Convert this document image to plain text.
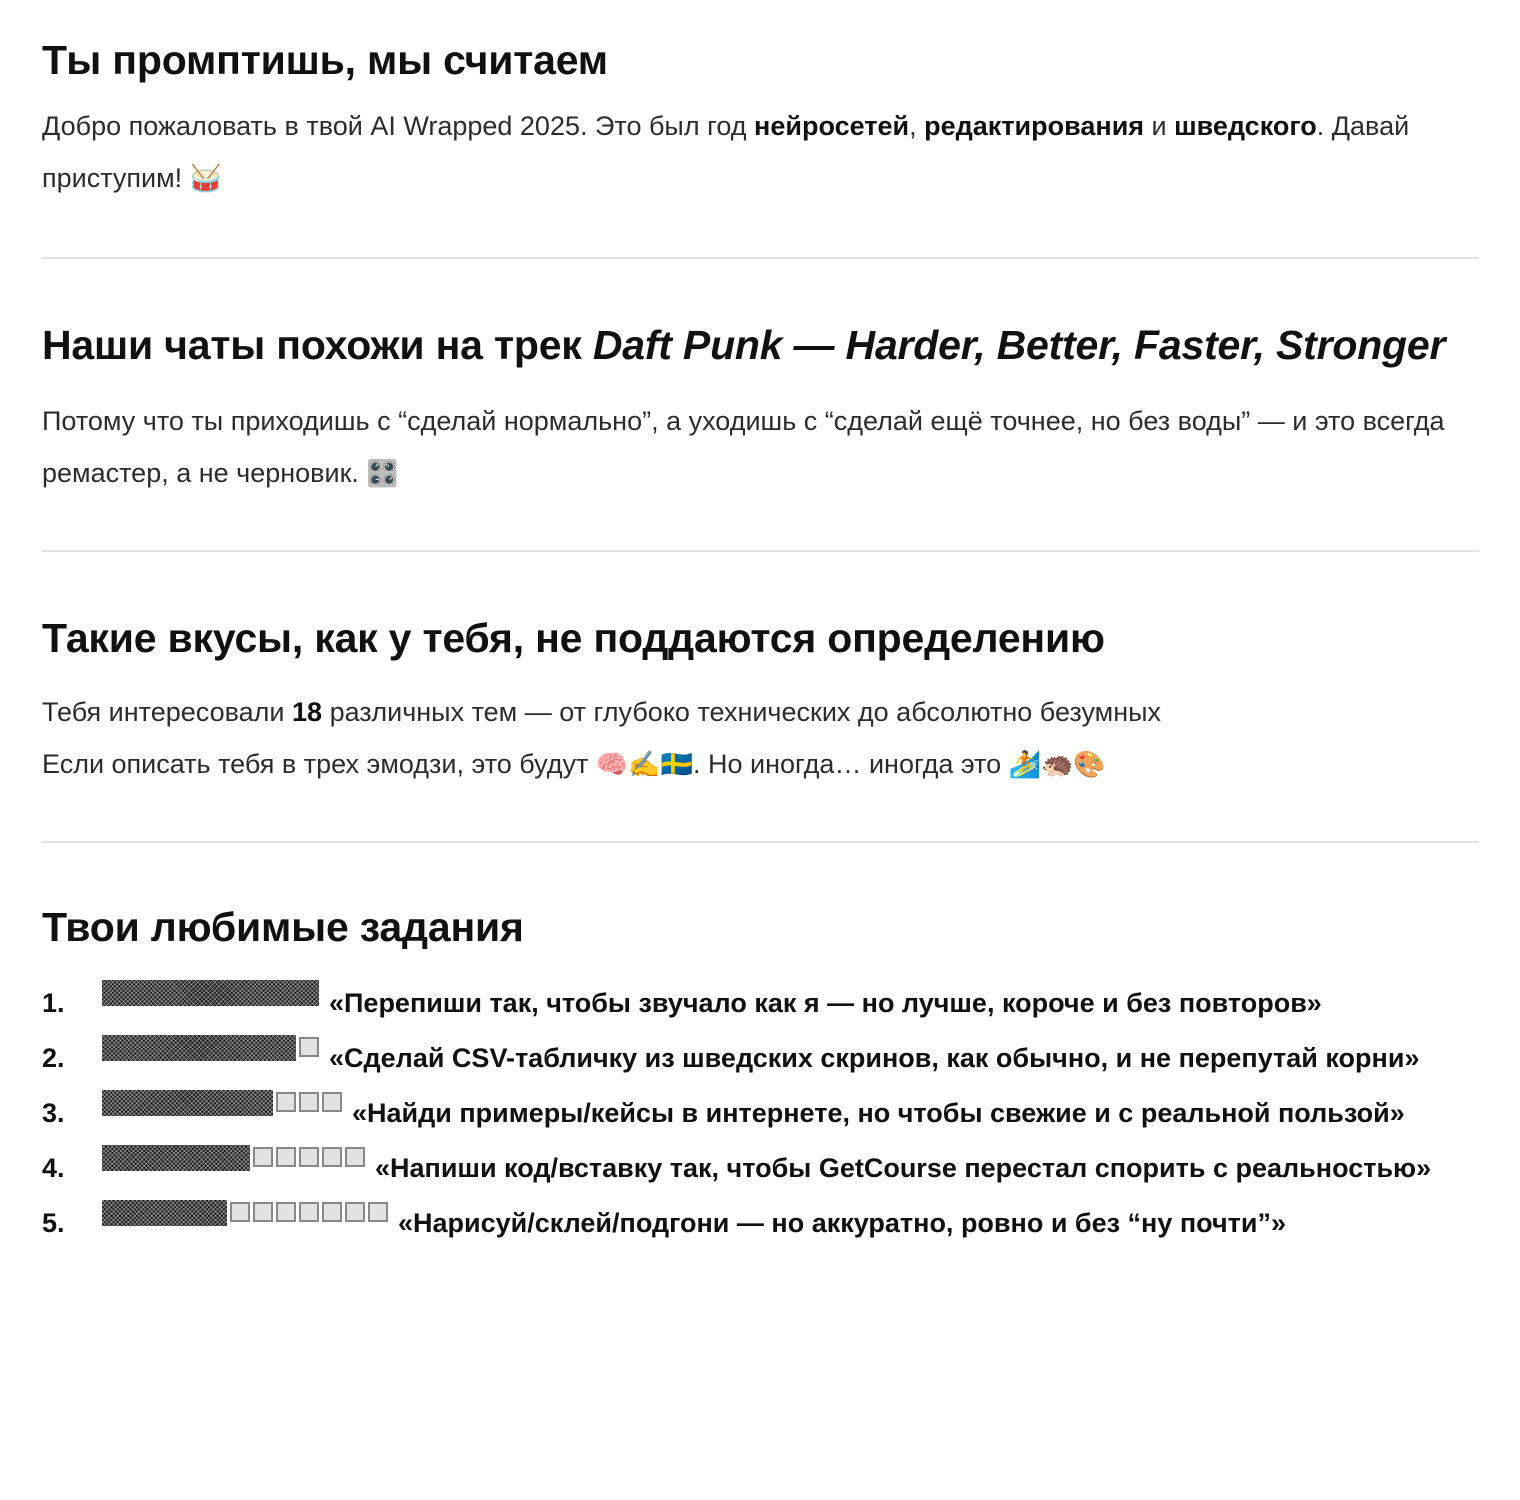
Ты промптишь, мы считаем

Добро пожаловать в твой AI Wrapped 2025. Это был год нейросетей, редактирования и шведского. Давай приступим! 🥁

Наши чаты похожи на трек Daft Punk — Harder, Better, Faster, Stronger

Потому что ты приходишь с “сделай нормально”, а уходишь с “сделай ещё точнее, но без воды” — и это всегда ремастер, а не черновик. 🎛️

Такие вкусы, как у тебя, не поддаются определению

Тебя интересовали 18 различных тем — от глубоко технических до абсолютно безумных

Если описать тебя в трех эмодзи, это будут 🧠✍️🇸🇪. Но иногда… иногда это 🏄🦔🎨

Твои любимые задания
1.	«Перепиши так, чтобы звучало как я — но лучше, короче и без повторов»
2.	«Сделай CSV-табличку из шведских скринов, как обычно, и не перепутай корни»
3.	«Найди примеры/кейсы в интернете, но чтобы свежие и с реальной пользой»
4.	«Напиши код/вставку так, чтобы GetCourse перестал спорить с реальностью»
5.	«Нарисуй/склей/подгони — но аккуратно, ровно и без “ну почти”»
